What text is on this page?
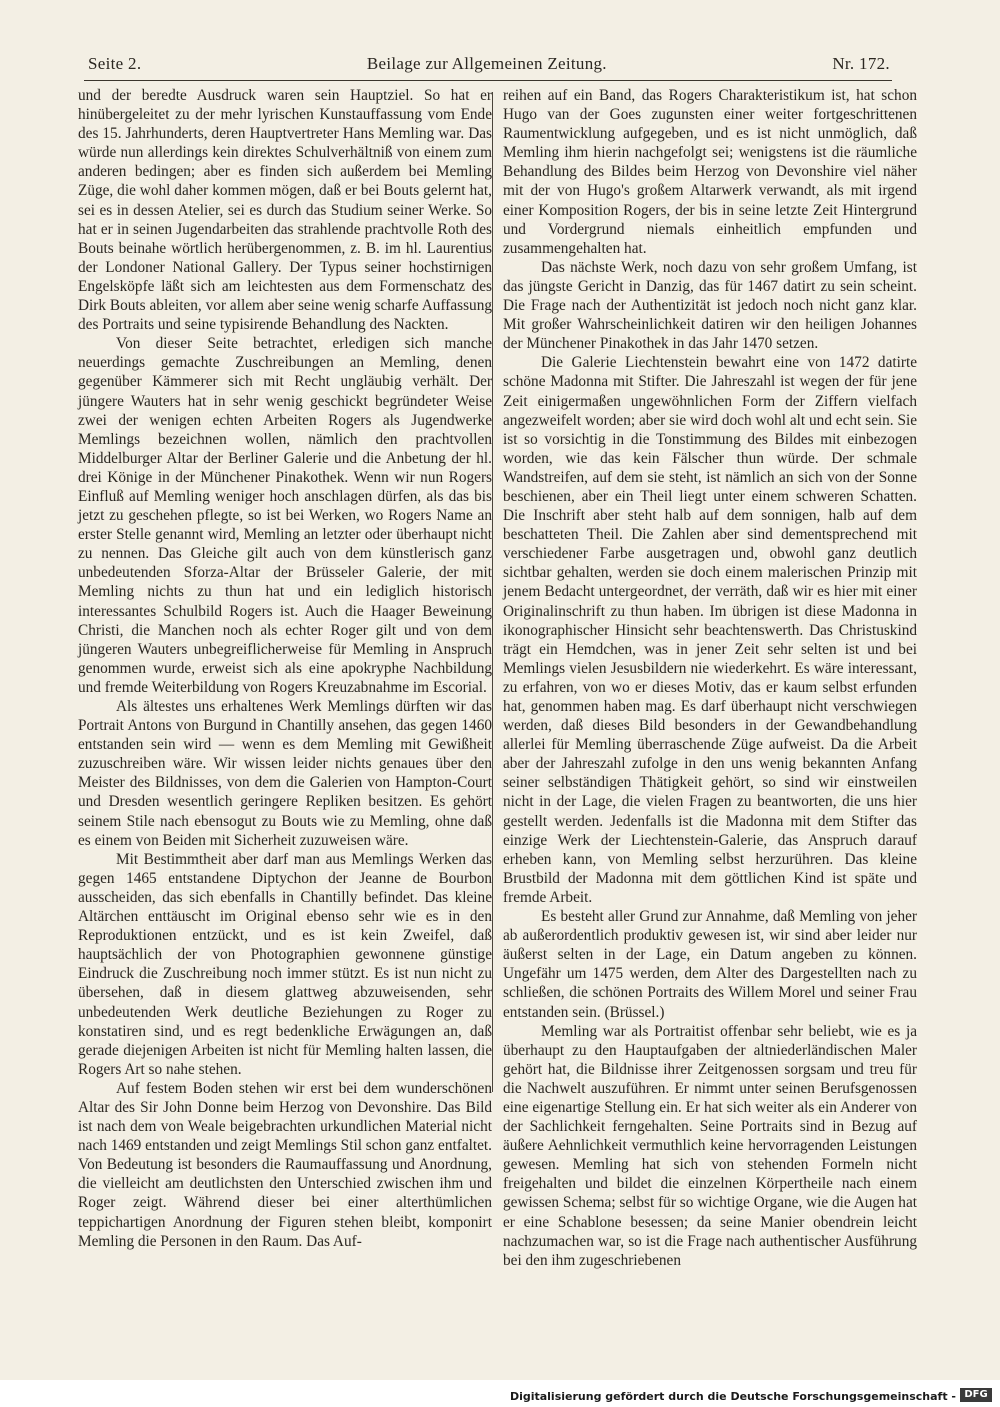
Seite 2.	Beilage zur Allgemeinen Zeitung.	Nr. 172.

und der beredte Ausdruck waren sein Hauptziel. So hat er hinübergeleitet zu der mehr lyrischen Kunstauffassung vom Ende des 15. Jahrhunderts, deren Hauptvertreter Hans Memling war. Das würde nun allerdings kein direktes Schulverhältniß von einem zum anderen bedingen; aber es finden sich außerdem bei Memling Züge, die wohl daher kommen mögen, daß er bei Bouts gelernt hat, sei es in dessen Atelier, sei es durch das Studium seiner Werke. So hat er in seinen Jugendarbeiten das strahlende prachtvolle Roth des Bouts beinahe wörtlich herübergenommen, z. B. im hl. Laurentius der Londoner National Gallery. Der Typus seiner hochstirnigen Engelsköpfe läßt sich am leichtesten aus dem Formenschatz des Dirk Bouts ableiten, vor allem aber seine wenig scharfe Auffassung des Portraits und seine typisirende Behandlung des Nackten.

Von dieser Seite betrachtet, erledigen sich manche neuerdings gemachte Zuschreibungen an Memling, denen gegenüber Kämmerer sich mit Recht ungläubig verhält. Der jüngere Wauters hat in sehr wenig geschickt begründeter Weise zwei der wenigen echten Arbeiten Rogers als Jugendwerke Memlings bezeichnen wollen, nämlich den prachtvollen Middelburger Altar der Berliner Galerie und die Anbetung der hl. drei Könige in der Münchener Pinakothek. Wenn wir nun Rogers Einfluß auf Memling weniger hoch anschlagen dürfen, als das bis jetzt zu geschehen pflegte, so ist bei Werken, wo Rogers Name an erster Stelle genannt wird, Memling an letzter oder überhaupt nicht zu nennen. Das Gleiche gilt auch von dem künstlerisch ganz unbedeutenden Sforza-Altar der Brüsseler Galerie, der mit Memling nichts zu thun hat und ein lediglich historisch interessantes Schulbild Rogers ist. Auch die Haager Beweinung Christi, die Manchen noch als echter Roger gilt und von dem jüngeren Wauters unbegreiflicherweise für Memling in Anspruch genommen wurde, erweist sich als eine apokryphe Nachbildung und fremde Weiterbildung von Rogers Kreuzabnahme im Escorial.

Als ältestes uns erhaltenes Werk Memlings dürften wir das Portrait Antons von Burgund in Chantilly ansehen, das gegen 1460 entstanden sein wird — wenn es dem Memling mit Gewißheit zuzuschreiben wäre. Wir wissen leider nichts genaues über den Meister des Bildnisses, von dem die Galerien von Hampton-Court und Dresden wesentlich geringere Repliken besitzen. Es gehört seinem Stile nach ebensogut zu Bouts wie zu Memling, ohne daß es einem von Beiden mit Sicherheit zuzuweisen wäre.

Mit Bestimmtheit aber darf man aus Memlings Werken das gegen 1465 entstandene Diptychon der Jeanne de Bourbon ausscheiden, das sich ebenfalls in Chantilly befindet. Das kleine Altärchen enttäuscht im Original ebenso sehr wie es in den Reproduktionen entzückt, und es ist kein Zweifel, daß hauptsächlich der von Photographien gewonnene günstige Eindruck die Zuschreibung noch immer stützt. Es ist nun nicht zu übersehen, daß in diesem glattweg abzuweisenden, sehr unbedeutenden Werk deutliche Beziehungen zu Roger zu konstatiren sind, und es regt bedenkliche Erwägungen an, daß gerade diejenigen Arbeiten ist nicht für Memling halten lassen, die Rogers Art so nahe stehen.

Auf festem Boden stehen wir erst bei dem wunderschönen Altar des Sir John Donne beim Herzog von Devonshire. Das Bild ist nach dem von Weale beigebrachten urkundlichen Material nicht nach 1469 entstanden und zeigt Memlings Stil schon ganz entfaltet. Von Bedeutung ist besonders die Raumauffassung und Anordnung, die vielleicht am deutlichsten den Unterschied zwischen ihm und Roger zeigt. Während dieser bei einer alterthümlichen teppichartigen Anordnung der Figuren stehen bleibt, komponirt Memling die Personen in den Raum. Das Auf-

reihen auf ein Band, das Rogers Charakteristikum ist, hat schon Hugo van der Goes zugunsten einer weiter fortgeschrittenen Raumentwicklung aufgegeben, und es ist nicht unmöglich, daß Memling ihm hierin nachgefolgt sei; wenigstens ist die räumliche Behandlung des Bildes beim Herzog von Devonshire viel näher mit der von Hugo's großem Altarwerk verwandt, als mit irgend einer Komposition Rogers, der bis in seine letzte Zeit Hintergrund und Vordergrund niemals einheitlich empfunden und zusammengehalten hat.

Das nächste Werk, noch dazu von sehr großem Umfang, ist das jüngste Gericht in Danzig, das für 1467 datirt zu sein scheint. Die Frage nach der Authentizität ist jedoch noch nicht ganz klar. Mit großer Wahrscheinlichkeit datiren wir den heiligen Johannes der Münchener Pinakothek in das Jahr 1470 setzen.

Die Galerie Liechtenstein bewahrt eine von 1472 datirte schöne Madonna mit Stifter. Die Jahreszahl ist wegen der für jene Zeit einigermaßen ungewöhnlichen Form der Ziffern vielfach angezweifelt worden; aber sie wird doch wohl alt und echt sein. Sie ist so vorsichtig in die Tonstimmung des Bildes mit einbezogen worden, wie das kein Fälscher thun würde. Der schmale Wandstreifen, auf dem sie steht, ist nämlich an sich von der Sonne beschienen, aber ein Theil liegt unter einem schweren Schatten. Die Inschrift aber steht halb auf dem sonnigen, halb auf dem beschatteten Theil. Die Zahlen aber sind dementsprechend mit verschiedener Farbe ausgetragen und, obwohl ganz deutlich sichtbar gehalten, werden sie doch einem malerischen Prinzip mit jenem Bedacht untergeordnet, der verräth, daß wir es hier mit einer Originalinschrift zu thun haben. Im übrigen ist diese Madonna in ikonographischer Hinsicht sehr beachtenswerth. Das Christuskind trägt ein Hemdchen, was in jener Zeit sehr selten ist und bei Memlings vielen Jesusbildern nie wiederkehrt. Es wäre interessant, zu erfahren, von wo er dieses Motiv, das er kaum selbst erfunden hat, genommen haben mag. Es darf überhaupt nicht verschwiegen werden, daß dieses Bild besonders in der Gewandbehandlung allerlei für Memling überraschende Züge aufweist. Da die Arbeit aber der Jahreszahl zufolge in den uns wenig bekannten Anfang seiner selbständigen Thätigkeit gehört, so sind wir einstweilen nicht in der Lage, die vielen Fragen zu beantworten, die uns hier gestellt werden. Jedenfalls ist die Madonna mit dem Stifter das einzige Werk der Liechtenstein-Galerie, das Anspruch darauf erheben kann, von Memling selbst herzurühren. Das kleine Brustbild der Madonna mit dem göttlichen Kind ist späte und fremde Arbeit.

Es besteht aller Grund zur Annahme, daß Memling von jeher ab außerordentlich produktiv gewesen ist, wir sind aber leider nur äußerst selten in der Lage, ein Datum angeben zu können. Ungefähr um 1475 werden, dem Alter des Dargestellten nach zu schließen, die schönen Portraits des Willem Morel und seiner Frau entstanden sein. (Brüssel.)

Memling war als Portraitist offenbar sehr beliebt, wie es ja überhaupt zu den Hauptaufgaben der altniederländischen Maler gehört hat, die Bildnisse ihrer Zeitgenossen sorgsam und treu für die Nachwelt auszuführen. Er nimmt unter seinen Berufsgenossen eine eigenartige Stellung ein. Er hat sich weiter als ein Anderer von der Sachlichkeit ferngehalten. Seine Portraits sind in Bezug auf äußere Aehnlichkeit vermuthlich keine hervorragenden Leistungen gewesen. Memling hat sich von stehenden Formeln nicht freigehalten und bildet die einzelnen Körpertheile nach einem gewissen Schema; selbst für so wichtige Organe, wie die Augen hat er eine Schablone besessen; da seine Manier obendrein leicht nachzumachen war, so ist die Frage nach authentischer Ausführung bei den ihm zugeschriebenen

Digitalisierung gefördert durch die Deutsche Forschungsgemeinschaft - DFG
